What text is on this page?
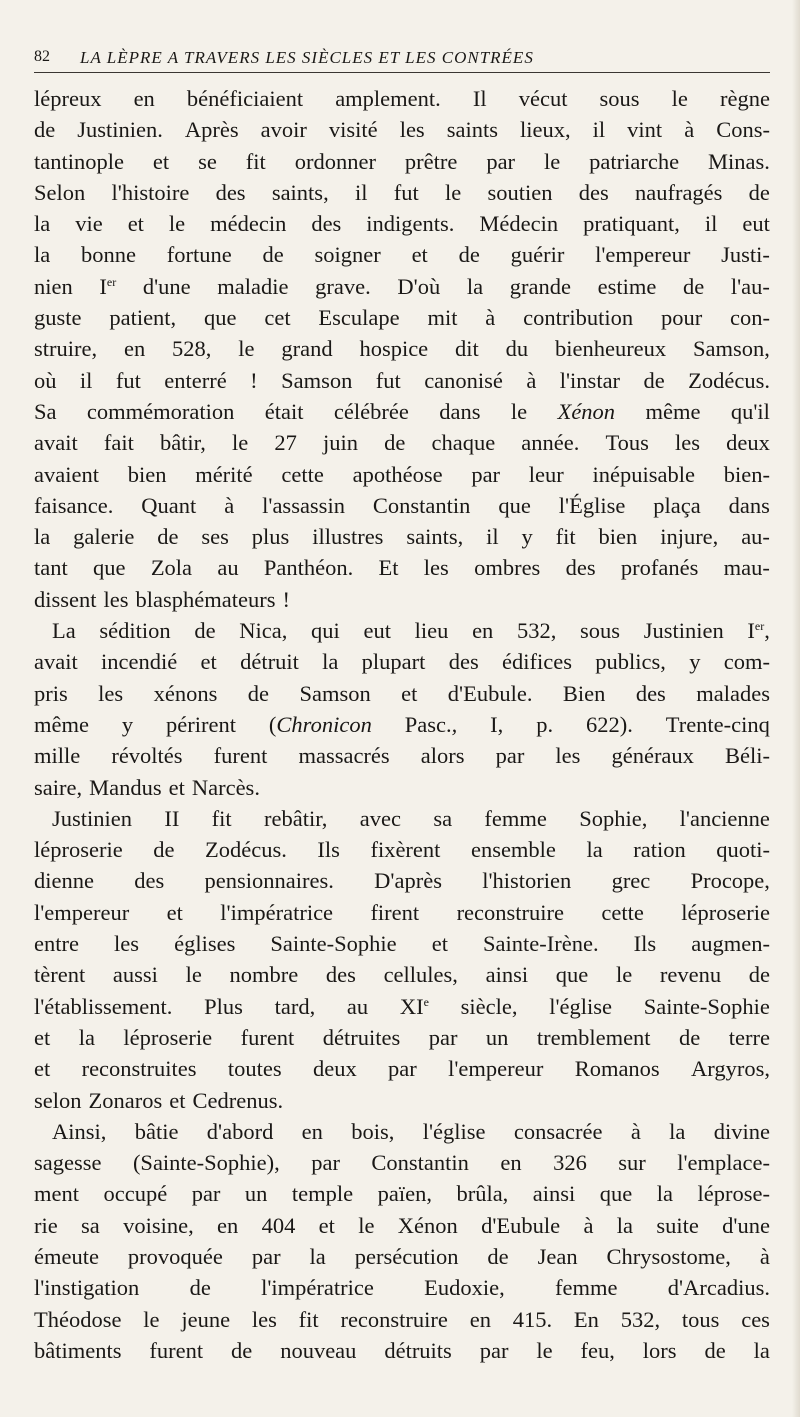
82 LA LÈPRE A TRAVERS LES SIÈCLES ET LES CONTRÉES
lépreux en bénéficiaient amplement. Il vécut sous le règne
de Justinien. Après avoir visité les saints lieux, il vint à Cons-
tantinople et se fit ordonner prêtre par le patriarche Minas.
Selon l'histoire des saints, il fut le soutien des naufragés de
la vie et le médecin des indigents. Médecin pratiquant, il eut
la bonne fortune de soigner et de guérir l'empereur Justi-
nien Ier d'une maladie grave. D'où la grande estime de l'au-
guste patient, que cet Esculape mit à contribution pour con-
struire, en 528, le grand hospice dit du bienheureux Samson,
où il fut enterré ! Samson fut canonisé à l'instar de Zodécus.
Sa commémoration était célébrée dans le Xénon même qu'il
avait fait bâtir, le 27 juin de chaque année. Tous les deux
avaient bien mérité cette apothéose par leur inépuisable bien-
faisance. Quant à l'assassin Constantin que l'Église plaça dans
la galerie de ses plus illustres saints, il y fit bien injure, au-
tant que Zola au Panthéon. Et les ombres des profanés mau-
dissent les blasphémateurs !
La sédition de Nica, qui eut lieu en 532, sous Justinien Ier,
avait incendié et détruit la plupart des édifices publics, y com-
pris les xénons de Samson et d'Eubule. Bien des malades
même y périrent (Chronicon Pasc., I, p. 622). Trente-cinq
mille révoltés furent massacrés alors par les généraux Béli-
saire, Mandus et Narcès.
Justinien II fit rebâtir, avec sa femme Sophie, l'ancienne
léproserie de Zodécus. Ils fixèrent ensemble la ration quoti-
dienne des pensionnaires. D'après l'historien grec Procope,
l'empereur et l'impératrice firent reconstruire cette léproserie
entre les églises Sainte-Sophie et Sainte-Irène. Ils augmen-
tèrent aussi le nombre des cellules, ainsi que le revenu de
l'établissement. Plus tard, au XIe siècle, l'église Sainte-Sophie
et la léproserie furent détruites par un tremblement de terre
et reconstruites toutes deux par l'empereur Romanos Argyros,
selon Zonaros et Cedrenus.
Ainsi, bâtie d'abord en bois, l'église consacrée à la divine
sagesse (Sainte-Sophie), par Constantin en 326 sur l'emplace-
ment occupé par un temple païen, brûla, ainsi que la léprose-
rie sa voisine, en 404 et le Xénon d'Eubule à la suite d'une
émeute provoquée par la persécution de Jean Chrysostome, à
l'instigation de l'impératrice Eudoxie, femme d'Arcadius.
Théodose le jeune les fit reconstruire en 415. En 532, tous ces
bâtiments furent de nouveau détruits par le feu, lors de la
